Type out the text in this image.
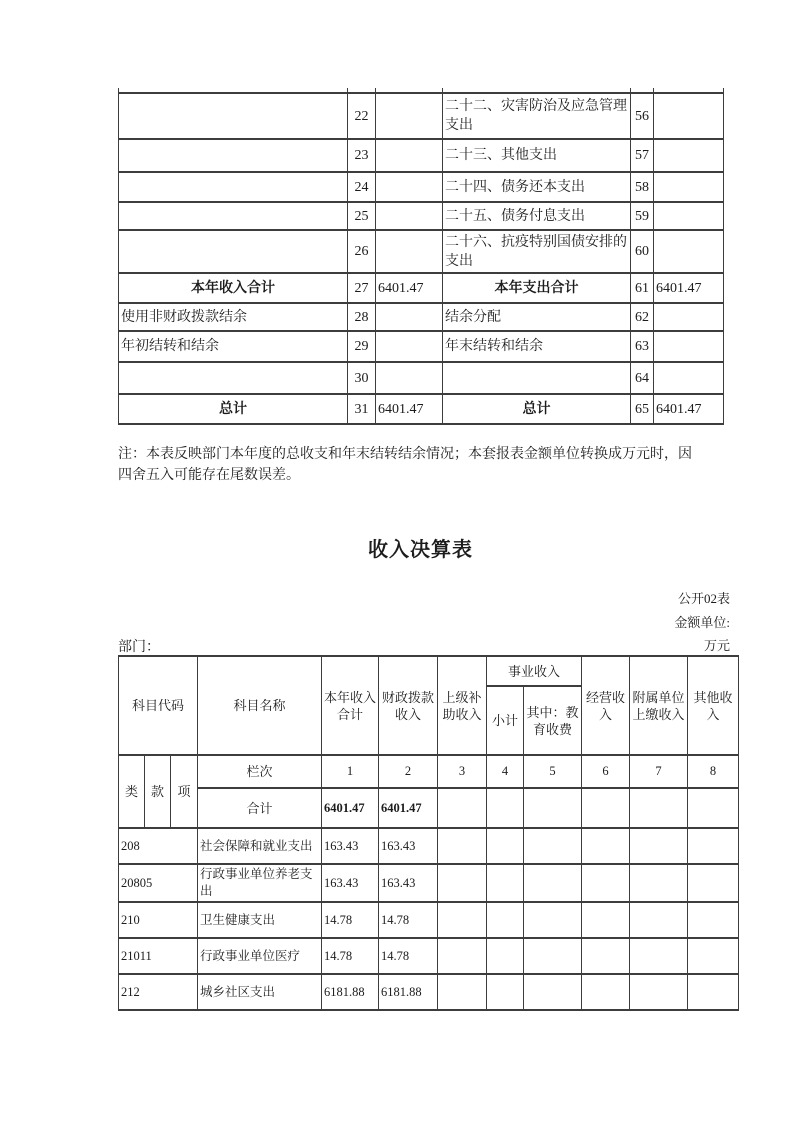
	22		二十二、灾害防治及应急管理支出	56	
	23		二十三、其他支出	57	
	24		二十四、债务还本支出	58	
	25		二十五、债务付息支出	59	
	26		二十六、抗疫特别国债安排的支出	60	
本年收入合计	27	6401.47	本年支出合计	61	6401.47
使用非财政拨款结余	28		结余分配	62	
年初结转和结余	29		年末结转和结余	63	
	30			64	
总计	31	6401.47	总计	65	6401.47
注：本表反映部门本年度的总收支和年末结转结余情况；本套报表金额单位转换成万元时，因
四舍五入可能存在尾数误差。
收入决算表
公开02表
金额单位:
万元
部门：
科目代码			科目名称	本年收入合计	财政拨款收入	上级补助收入	事业收入		经营收入	附属单位上缴收入	其他收入
							小计	其中：教育收费			
类	款	项	栏次	1	2	3	4	5	6	7	8
			合计	6401.47	6401.47						
208			社会保障和就业支出	163.43	163.43						
20805			行政事业单位养老支出	163.43	163.43						
210			卫生健康支出	14.78	14.78						
21011			行政事业单位医疗	14.78	14.78						
212			城乡社区支出	6181.88	6181.88						
